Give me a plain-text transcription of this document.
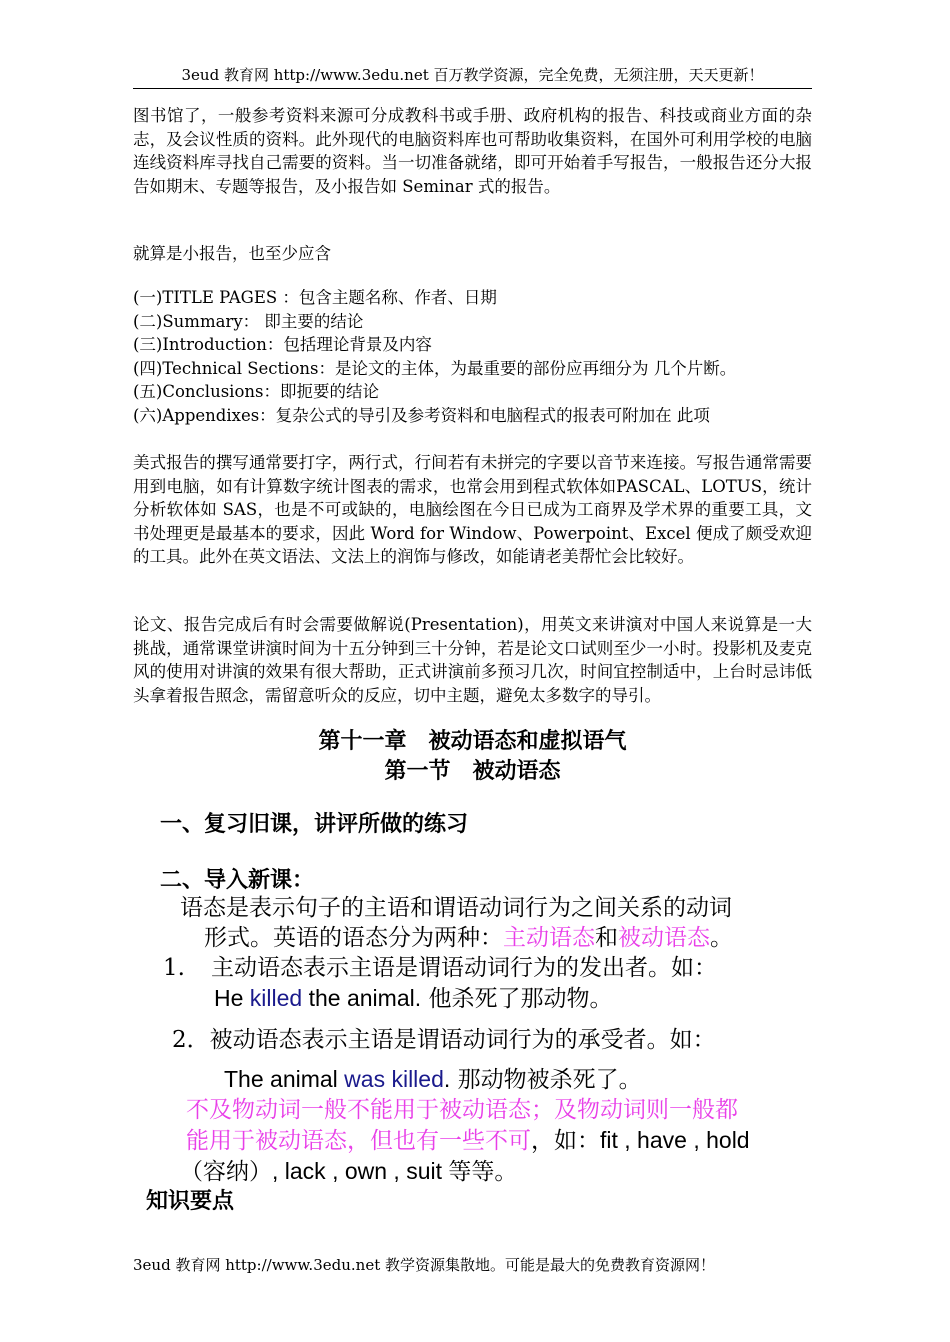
3eud 教育网 http://www.3edu.net 百万教学资源，完全免费，无须注册，天天更新！

图书馆了，一般参考资料来源可分成教科书或手册、政府机构的报告、科技或商业方面的杂志，及会议性质的资料。此外现代的电脑资料库也可帮助收集资料，在国外可利用学校的电脑连线资料库寻找自己需要的资料。当一切准备就绪，即可开始着手写报告，一般报告还分大报告如期末、专题等报告，及小报告如 Seminar 式的报告。

就算是小报告，也至少应含

(一)TITLE PAGES ：包含主题名称、作者、日期
(二)Summary： 即主要的结论
(三)Introduction：包括理论背景及内容
(四)Technical Sections：是论文的主体，为最重要的部份应再细分为 几个片断。
(五)Conclusions：即扼要的结论
(六)Appendixes：复杂公式的导引及参考资料和电脑程式的报表可附加在 此项

美式报告的撰写通常要打字，两行式，行间若有未拼完的字要以音节来连接。写报告通常需要用到电脑，如有计算数字统计图表的需求，也常会用到程式软体如PASCAL、LOTUS，统计分析软体如 SAS，也是不可或缺的，电脑绘图在今日已成为工商界及学术界的重要工具，文书处理更是最基本的要求，因此 Word for Window、Powerpoint、Excel 便成了颇受欢迎的工具。此外在英文语法、文法上的润饰与修改，如能请老美帮忙会比较好。

论文、报告完成后有时会需要做解说(Presentation)，用英文来讲演对中国人来说算是一大挑战，通常课堂讲演时间为十五分钟到三十分钟，若是论文口试则至少一小时。投影机及麦克风的使用对讲演的效果有很大帮助，正式讲演前多预习几次，时间宜控制适中，上台时忌讳低头拿着报告照念，需留意听众的反应，切中主题，避免太多数字的导引。

第十一章　被动语态和虚拟语气
第一节　被动语态
一、复习旧课，讲评所做的练习
二、导入新课：
语态是表示句子的主语和谓语动词行为之间关系的动词
形式。英语的语态分为两种：主动语态和被动语态。
1. 主动语态表示主语是谓语动词行为的发出者。如：
He killed the animal. 他杀死了那动物。
2．被动语态表示主语是谓语动词行为的承受者。如：
The animal was killed. 那动物被杀死了。
不及物动词一般不能用于被动语态；及物动词则一般都
能用于被动语态，但也有一些不可，如：fit , have , hold
（容纳）, lack , own , suit 等等。
知识要点
3eud 教育网 http://www.3edu.net 教学资源集散地。可能是最大的免费教育资源网！
